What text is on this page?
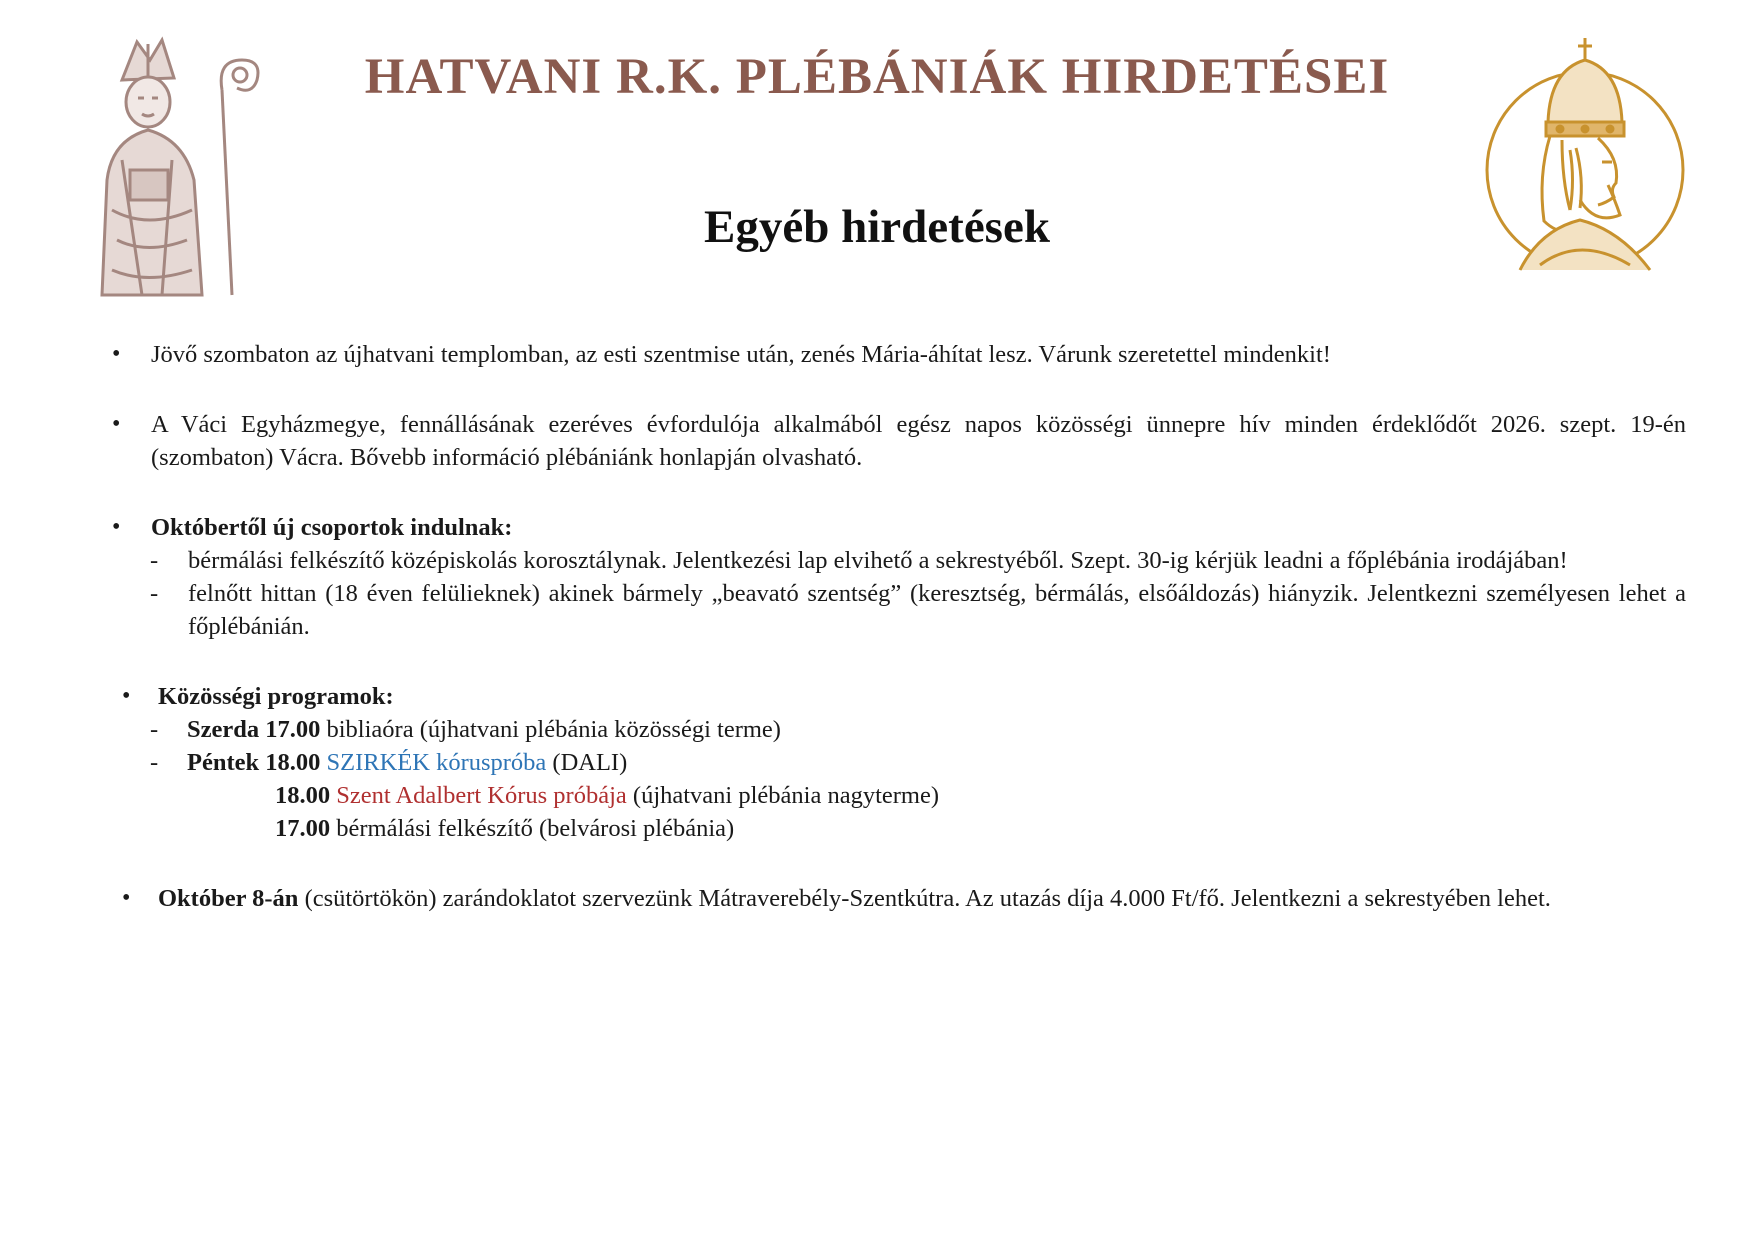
HATVANI R.K. PLÉBÁNIÁK HIRDETÉSEI
Egyéb hirdetések
•	Jövő szombaton az újhatvani templomban, az esti szentmise után, zenés Mária-áhítat lesz. Várunk szeretettel mindenkit!
•	A Váci Egyházmegye, fennállásának ezeréves évfordulója alkalmából egész napos közösségi ünnepre hív minden érdeklődőt 2026. szept. 19-én (szombaton) Vácra. Bővebb információ plébániánk honlapján olvasható.
•	Októbertől új csoportok indulnak:
- bérmálási felkészítő középiskolás korosztálynak. Jelentkezési lap elvihető a sekrestyéből. Szept. 30-ig kérjük leadni a főplébánia irodájában!
- felnőtt hittan (18 éven felülieknek) akinek bármely „beavató szentség” (keresztség, bérmálás, elsőáldozás) hiányzik. Jelentkezni személyesen lehet a főplébánián.
•	Közösségi programok:
- Szerda 17.00 bibliaóra (újhatvani plébánia közösségi terme)
- Péntek 18.00 SZIRKÉK kóruspróba (DALI)
18.00 Szent Adalbert Kórus próbája (újhatvani plébánia nagyterme)
17.00 bérmálási felkészítő (belvárosi plébánia)
•	Október 8-án (csütörtökön) zarándoklatot szervezünk Mátraverebély-Szentkútra. Az utazás díja 4.000 Ft/fő. Jelentkezni a sekrestyében lehet.
